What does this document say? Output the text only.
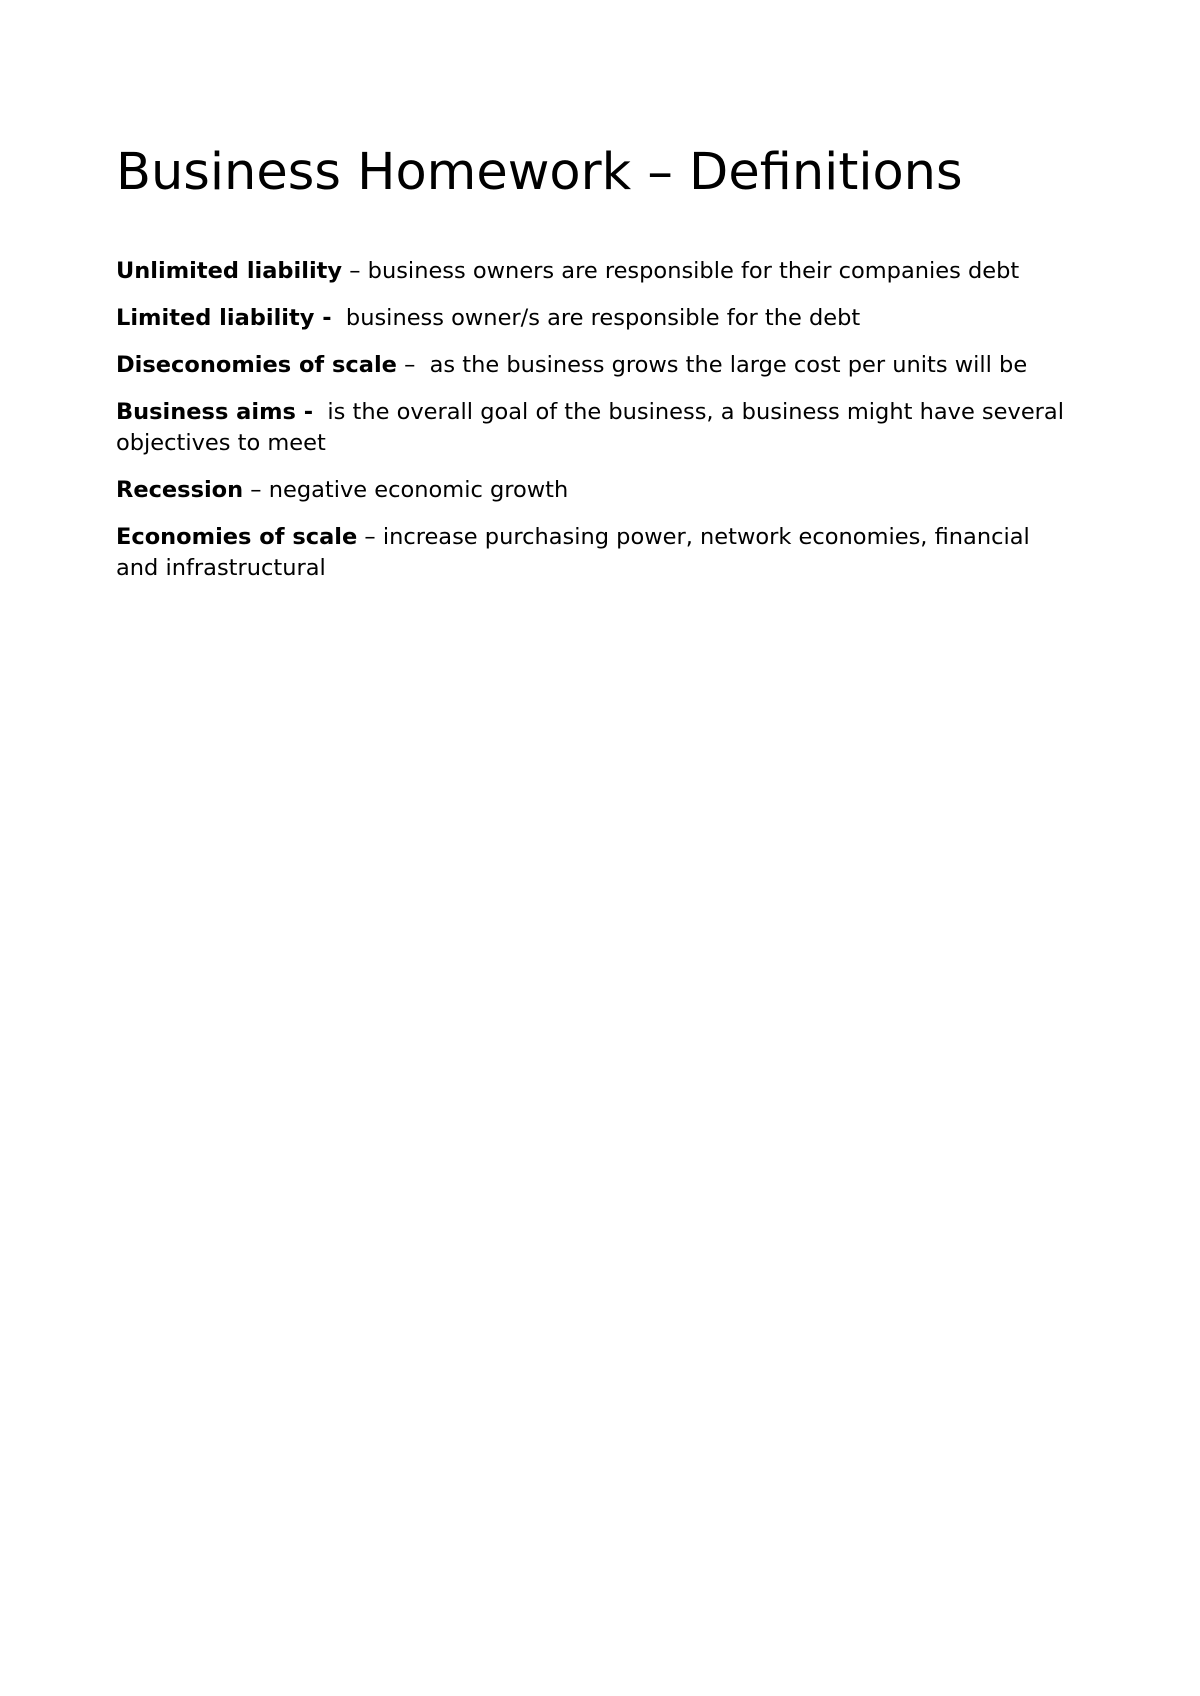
Business Homework – Definitions

Unlimited liability – business owners are responsible for their companies debt

Limited liability - business owner/s are responsible for the debt

Diseconomies of scale –  as the business grows the large cost per units will be

Business aims - is the overall goal of the business, a business might have several objectives to meet

Recession – negative economic growth

Economies of scale – increase purchasing power, network economies, financial and infrastructural
